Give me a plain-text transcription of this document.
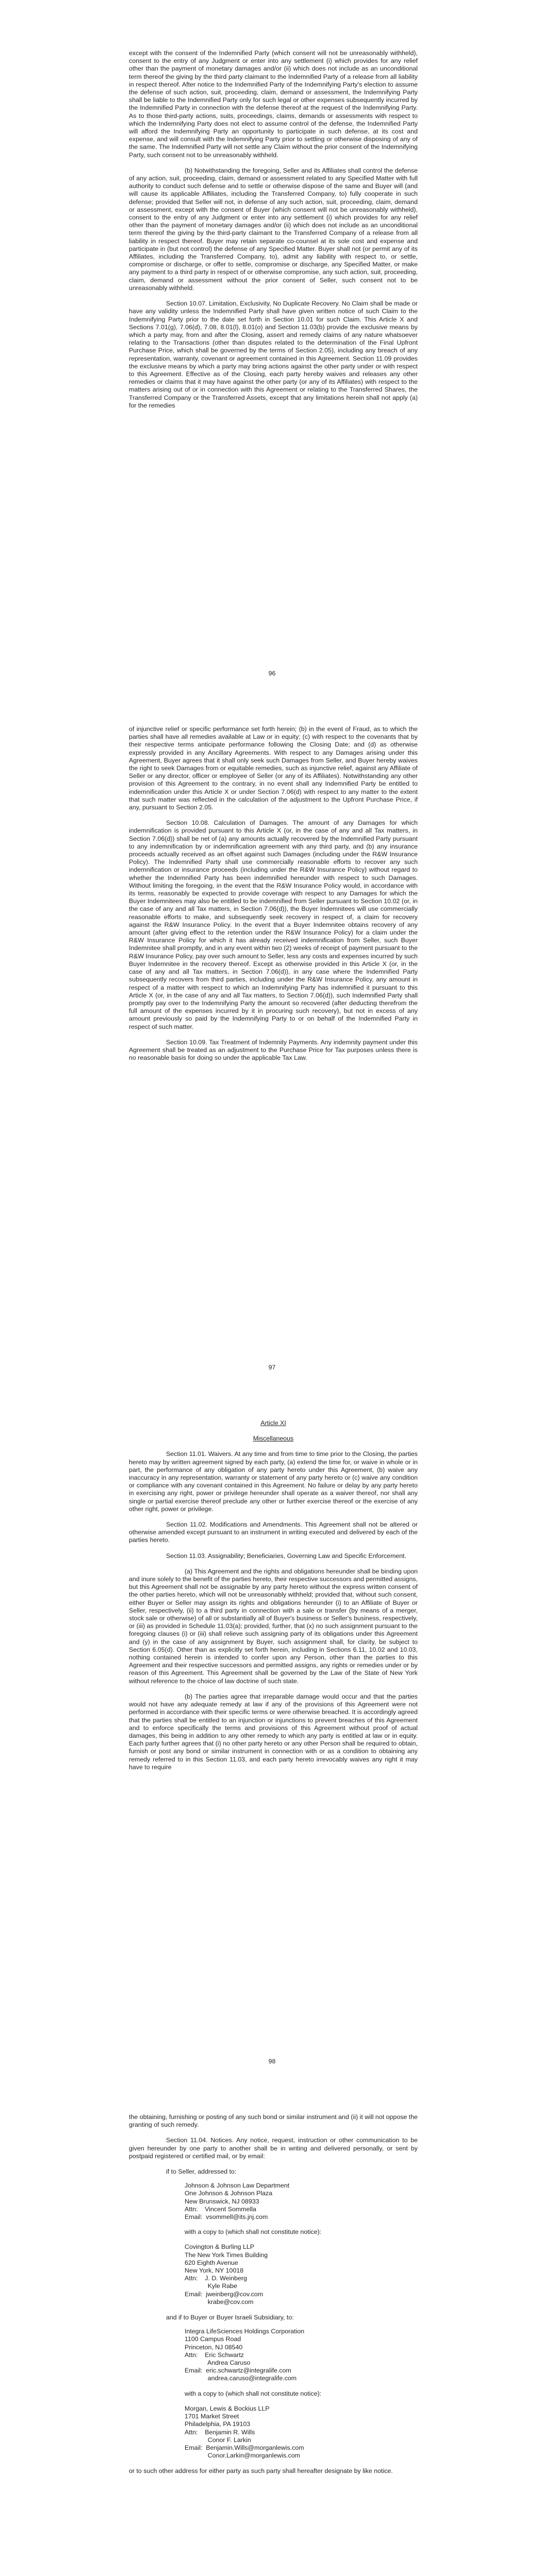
except with the consent of the Indemnified Party (which consent will not be unreasonably withheld), consent to the entry of any Judgment or enter into any settlement (i) which provides for any relief other than the payment of monetary damages and/or (ii) which does not include as an unconditional term thereof the giving by the third party claimant to the Indemnified Party of a release from all liability in respect thereof. After notice to the Indemnified Party of the Indemnifying Party's election to assume the defense of such action, suit, proceeding, claim, demand or assessment, the Indemnifying Party shall be liable to the Indemnified Party only for such legal or other expenses subsequently incurred by the Indemnified Party in connection with the defense thereof at the request of the Indemnifying Party. As to those third-party actions, suits, proceedings, claims, demands or assessments with respect to which the Indemnifying Party does not elect to assume control of the defense, the Indemnified Party will afford the Indemnifying Party an opportunity to participate in such defense, at its cost and expense, and will consult with the Indemnifying Party prior to settling or otherwise disposing of any of the same. The Indemnified Party will not settle any Claim without the prior consent of the Indemnifying Party, such consent not to be unreasonably withheld.

(b) Notwithstanding the foregoing, Seller and its Affiliates shall control the defense of any action, suit, proceeding, claim, demand or assessment related to any Specified Matter with full authority to conduct such defense and to settle or otherwise dispose of the same and Buyer will (and will cause its applicable Affiliates, including the Transferred Company, to) fully cooperate in such defense; provided that Seller will not, in defense of any such action, suit, proceeding, claim, demand or assessment, except with the consent of Buyer (which consent will not be unreasonably withheld), consent to the entry of any Judgment or enter into any settlement (i) which provides for any relief other than the payment of monetary damages and/or (ii) which does not include as an unconditional term thereof the giving by the third-party claimant to the Transferred Company of a release from all liability in respect thereof. Buyer may retain separate co-counsel at its sole cost and expense and participate in (but not control) the defense of any Specified Matter. Buyer shall not (or permit any of its Affiliates, including the Transferred Company, to), admit any liability with respect to, or settle, compromise or discharge, or offer to settle, compromise or discharge, any Specified Matter, or make any payment to a third party in respect of or otherwise compromise, any such action, suit, proceeding, claim, demand or assessment without the prior consent of Seller, such consent not to be unreasonably withheld.

Section 10.07. Limitation, Exclusivity, No Duplicate Recovery. No Claim shall be made or have any validity unless the Indemnified Party shall have given written notice of such Claim to the Indemnifying Party prior to the date set forth in Section 10.01 for such Claim. This Article X and Sections 7.01(g), 7.06(d), 7.08, 8.01(l), 8.01(o) and Section 11.03(b) provide the exclusive means by which a party may, from and after the Closing, assert and remedy claims of any nature whatsoever relating to the Transactions (other than disputes related to the determination of the Final Upfront Purchase Price, which shall be governed by the terms of Section 2.05), including any breach of any representation, warranty, covenant or agreement contained in this Agreement. Section 11.09 provides the exclusive means by which a party may bring actions against the other party under or with respect to this Agreement. Effective as of the Closing, each party hereby waives and releases any other remedies or claims that it may have against the other party (or any of its Affiliates) with respect to the matters arising out of or in connection with this Agreement or relating to the Transferred Shares, the Transferred Company or the Transferred Assets, except that any limitations herein shall not apply (a) for the remedies

96

of injunctive relief or specific performance set forth herein; (b) in the event of Fraud, as to which the parties shall have all remedies available at Law or in equity; (c) with respect to the covenants that by their respective terms anticipate performance following the Closing Date; and (d) as otherwise expressly provided in any Ancillary Agreements. With respect to any Damages arising under this Agreement, Buyer agrees that it shall only seek such Damages from Seller, and Buyer hereby waives the right to seek Damages from or equitable remedies, such as injunctive relief, against any Affiliate of Seller or any director, officer or employee of Seller (or any of its Affiliates). Notwithstanding any other provision of this Agreement to the contrary, in no event shall any Indemnified Party be entitled to indemnification under this Article X or under Section 7.06(d) with respect to any matter to the extent that such matter was reflected in the calculation of the adjustment to the Upfront Purchase Price, if any, pursuant to Section 2.05.

Section 10.08. Calculation of Damages. The amount of any Damages for which indemnification is provided pursuant to this Article X (or, in the case of any and all Tax matters, in Section 7.06(d)) shall be net of (a) any amounts actually recovered by the Indemnified Party pursuant to any indemnification by or indemnification agreement with any third party, and (b) any insurance proceeds actually received as an offset against such Damages (including under the R&W Insurance Policy). The Indemnified Party shall use commercially reasonable efforts to recover any such indemnification or insurance proceeds (including under the R&W Insurance Policy) without regard to whether the Indemnified Party has been indemnified hereunder with respect to such Damages. Without limiting the foregoing, in the event that the R&W Insurance Policy would, in accordance with its terms, reasonably be expected to provide coverage with respect to any Damages for which the Buyer Indemnitees may also be entitled to be indemnified from Seller pursuant to Section 10.02 (or, in the case of any and all Tax matters, in Section 7.06(d)), the Buyer Indemnitees will use commercially reasonable efforts to make, and subsequently seek recovery in respect of, a claim for recovery against the R&W Insurance Policy. In the event that a Buyer Indemnitee obtains recovery of any amount (after giving effect to the retention under the R&W Insurance Policy) for a claim under the R&W Insurance Policy for which it has already received indemnification from Seller, such Buyer Indemnitee shall promptly, and in any event within two (2) weeks of receipt of payment pursuant to the R&W Insurance Policy, pay over such amount to Seller, less any costs and expenses incurred by such Buyer Indemnitee in the recovery thereof. Except as otherwise provided in this Article X (or, in the case of any and all Tax matters, in Section 7.06(d)), in any case where the Indemnified Party subsequently recovers from third parties, including under the R&W Insurance Policy, any amount in respect of a matter with respect to which an Indemnifying Party has indemnified it pursuant to this Article X (or, in the case of any and all Tax matters, to Section 7.06(d)), such Indemnified Party shall promptly pay over to the Indemnifying Party the amount so recovered (after deducting therefrom the full amount of the expenses incurred by it in procuring such recovery), but not in excess of any amount previously so paid by the Indemnifying Party to or on behalf of the Indemnified Party in respect of such matter.

Section 10.09. Tax Treatment of Indemnity Payments. Any indemnity payment under this Agreement shall be treated as an adjustment to the Purchase Price for Tax purposes unless there is no reasonable basis for doing so under the applicable Tax Law.

97

Article XI

Miscellaneous

Section 11.01. Waivers. At any time and from time to time prior to the Closing, the parties hereto may by written agreement signed by each party, (a) extend the time for, or waive in whole or in part, the performance of any obligation of any party hereto under this Agreement, (b) waive any inaccuracy in any representation, warranty or statement of any party hereto or (c) waive any condition or compliance with any covenant contained in this Agreement. No failure or delay by any party hereto in exercising any right, power or privilege hereunder shall operate as a waiver thereof, nor shall any single or partial exercise thereof preclude any other or further exercise thereof or the exercise of any other right, power or privilege.

Section 11.02. Modifications and Amendments. This Agreement shall not be altered or otherwise amended except pursuant to an instrument in writing executed and delivered by each of the parties hereto.

Section 11.03. Assignability; Beneficiaries, Governing Law and Specific Enforcement.

(a) This Agreement and the rights and obligations hereunder shall be binding upon and inure solely to the benefit of the parties hereto, their respective successors and permitted assigns, but this Agreement shall not be assignable by any party hereto without the express written consent of the other parties hereto, which will not be unreasonably withheld; provided that, without such consent, either Buyer or Seller may assign its rights and obligations hereunder (i) to an Affiliate of Buyer or Seller, respectively, (ii) to a third party in connection with a sale or transfer (by means of a merger, stock sale or otherwise) of all or substantially all of Buyer's business or Seller's business, respectively, or (iii) as provided in Schedule 11.03(a); provided, further, that (x) no such assignment pursuant to the foregoing clauses (i) or (iii) shall relieve such assigning party of its obligations under this Agreement and (y) in the case of any assignment by Buyer, such assignment shall, for clarity, be subject to Section 6.05(d). Other than as explicitly set forth herein, including in Sections 6.11, 10.02 and 10.03, nothing contained herein is intended to confer upon any Person, other than the parties to this Agreement and their respective successors and permitted assigns, any rights or remedies under or by reason of this Agreement. This Agreement shall be governed by the Law of the State of New York without reference to the choice of law doctrine of such state.

(b) The parties agree that irreparable damage would occur and that the parties would not have any adequate remedy at law if any of the provisions of this Agreement were not performed in accordance with their specific terms or were otherwise breached. It is accordingly agreed that the parties shall be entitled to an injunction or injunctions to prevent breaches of this Agreement and to enforce specifically the terms and provisions of this Agreement without proof of actual damages, this being in addition to any other remedy to which any party is entitled at law or in equity. Each party further agrees that (i) no other party hereto or any other Person shall be required to obtain, furnish or post any bond or similar instrument in connection with or as a condition to obtaining any remedy referred to in this Section 11.03, and each party hereto irrevocably waives any right it may have to require

98

the obtaining, furnishing or posting of any such bond or similar instrument and (ii) it will not oppose the granting of such remedy.

Section 11.04. Notices. Any notice, request, instruction or other communication to be given hereunder by one party to another shall be in writing and delivered personally, or sent by postpaid registered or certified mail, or by email:

if to Seller, addressed to:

Johnson & Johnson Law Department

One Johnson & Johnson Plaza

New Brunswick, NJ 08933

Attn:    Vincent Sommella

Email:  vsommell@its.jnj.com

with a copy to (which shall not constitute notice):

Covington & Burling LLP

The New York Times Building

620 Eighth Avenue

New York, NY 10018

Attn:    J. D. Weinberg

Kyle Rabe

Email:  jweinberg@cov.com

krabe@cov.com

and if to Buyer or Buyer Israeli Subsidiary, to:

Integra LifeSciences Holdings Corporation

1100 Campus Road

Princeton, NJ 08540

Attn:    Eric Schwartz

Andrea Caruso

Email:  eric.schwartz@integralife.com

andrea.caruso@integralife.com

with a copy to (which shall not constitute notice):

Morgan, Lewis & Bockius LLP

1701 Market Street

Philadelphia, PA 19103

Attn:    Benjamin R. Wills

Conor F. Larkin

Email:  Benjamin.Wills@morganlewis.com

Conor.Larkin@morganlewis.com

or to such other address for either party as such party shall hereafter designate by like notice.
